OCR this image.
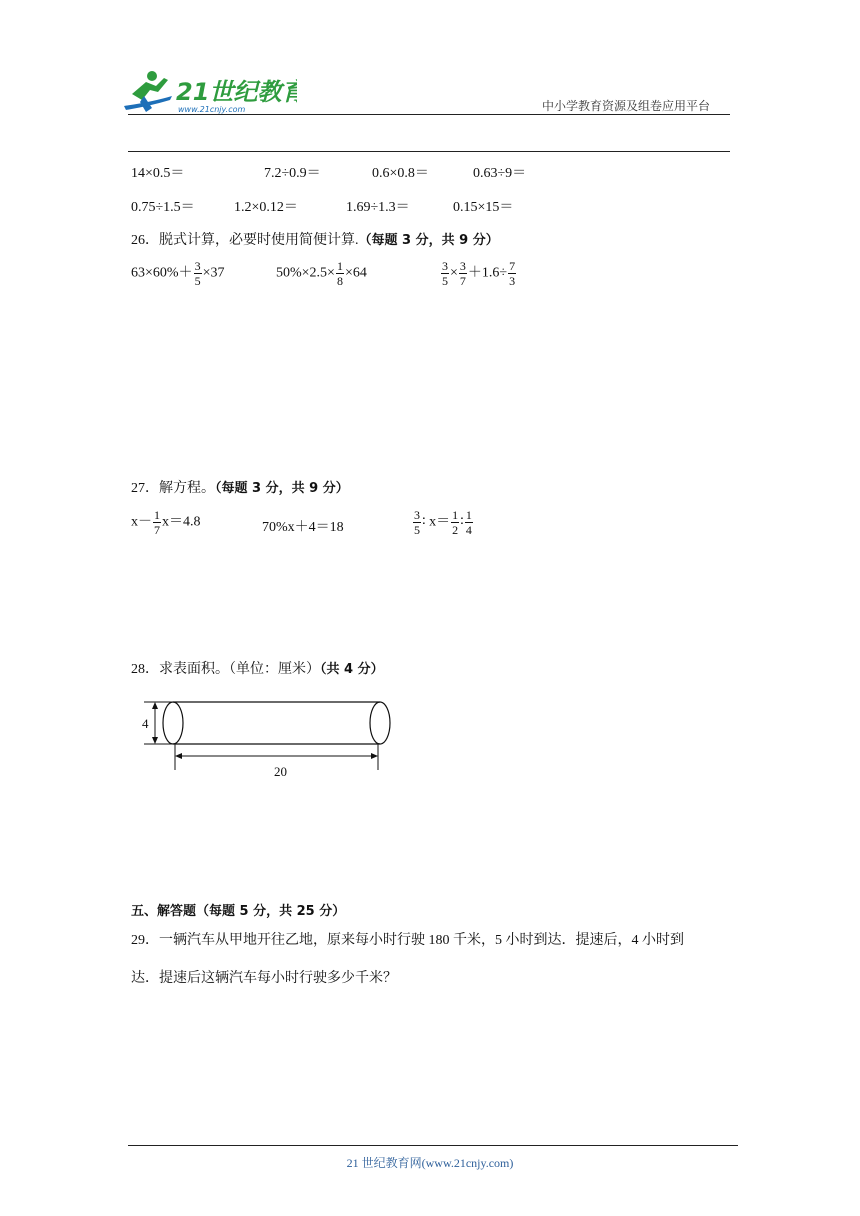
21世纪教育
www.21cnjy.com	中小学教育资源及组卷应用平台
14×0.5＝	7.2÷0.9＝	0.6×0.8＝	0.63÷9＝
0.75÷1.5＝	1.2×0.12＝	1.69÷1.3＝	0.15×15＝
26．脱式计算，必要时使用简便计算.（每题 3 分，共 9 分）
$63\times 60\%+ \frac{3}{5} \times 37$	$50\%\times 2.5\times \frac{1}{8} \times 64$	$\frac{3}{5} \times \frac{3}{7} +1.6\div \frac{7}{3}$
27．解方程。（每题 3 分，共 9 分）
$x- \frac{1}{7} x=4.8$	70%x＋4＝18	$\frac{3}{5}$ ∶ $x= \frac{1}{2}$ ∶ $\frac{1}{4}$
28．求表面积。（单位：厘米）（共 4 分）
4
20
五、解答题（每题 5 分，共 25 分）
29．一辆汽车从甲地开往乙地，原来每小时行驶 180 千米，5 小时到达．提速后，4 小时到
达．提速后这辆汽车每小时行驶多少千米？
21 世纪教育网(www.21cnjy.com)
